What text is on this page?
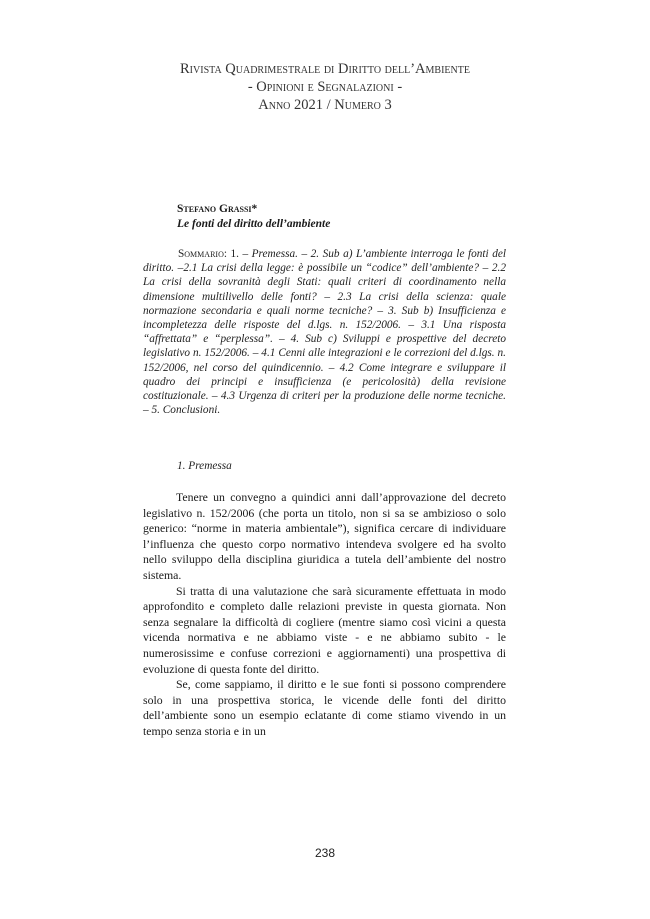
Rivista Quadrimestrale di Diritto dell’Ambiente
- Opinioni e Segnalazioni -
Anno 2021 / Numero 3
Stefano Grassi*
Le fonti del diritto dell’ambiente
Sommario: 1. – Premessa. – 2. Sub a) L’ambiente interroga le fonti del diritto. –2.1 La crisi della legge: è possibile un “codice” dell’ambiente? – 2.2 La crisi della sovranità degli Stati: quali criteri di coordinamento nella dimensione multilivello delle fonti? – 2.3 La crisi della scienza: quale normazione secondaria e quali norme tecniche? – 3. Sub b) Insufficienza e incompletezza delle risposte del d.lgs. n. 152/2006. – 3.1 Una risposta “affrettata” e “perplessa”. – 4. Sub c) Sviluppi e prospettive del decreto legislativo n. 152/2006. – 4.1 Cenni alle integrazioni e le correzioni del d.lgs. n. 152/2006, nel corso del quindicennio. – 4.2 Come integrare e sviluppare il quadro dei principi e insufficienza (e pericolosità) della revisione costituzionale. – 4.3 Urgenza di criteri per la produzione delle norme tecniche. – 5. Conclusioni.
1. Premessa

Tenere un convegno a quindici anni dall’approvazione del decreto legislativo n. 152/2006 (che porta un titolo, non si sa se ambizioso o solo generico: “norme in materia ambientale”), significa cercare di individuare l’influenza che questo corpo normativo intendeva svolgere ed ha svolto nello sviluppo della disciplina giuridica a tutela dell’ambiente del nostro sistema.

Si tratta di una valutazione che sarà sicuramente effettuata in modo approfondito e completo dalle relazioni previste in questa giornata. Non senza segnalare la difficoltà di cogliere (mentre siamo così vicini a questa vicenda normativa e ne abbiamo viste - e ne abbiamo subito - le numerosissime e confuse correzioni e aggiornamenti) una prospettiva di evoluzione di questa fonte del diritto.

Se, come sappiamo, il diritto e le sue fonti si possono comprendere solo in una prospettiva storica, le vicende delle fonti del diritto dell’ambiente sono un esempio eclatante di come stiamo vivendo in un tempo senza storia e in un

238
